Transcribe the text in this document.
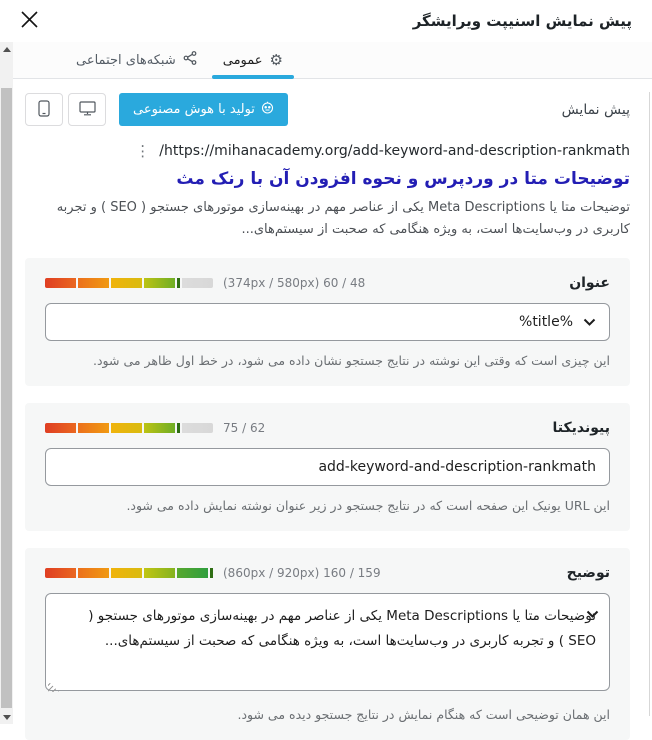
پیش نمایش اسنیپت ویرایشگر
شبکه‌های اجتماعی	⚙
عمومی
پیش نمایش
تولید با هوش مصنوعی
https://mihanacademy.org/add-keyword-and-description-rankmath/
⋮
توضیحات متا در وردپرس و نحوه افزودن آن با رنک مث
توضیحات متا یا Meta Descriptions یکی از عناصر مهم در بهینه‌سازی موتورهای جستجو ( SEO ) و تجربه کاربری در وب‌سایت‌ها است، به ویژه هنگامی که صحبت از سیستم‌های...
عنوان
(374px / 580px) 60 / 48
%title%
این چیزی است که وقتی این نوشته در نتایج جستجو نشان داده می شود، در خط اول ظاهر می شود.
پیوندیکتا
75 / 62
add-keyword-and-description-rankmath
این URL یونیک این صفحه است که در نتایج جستجو در زیر عنوان نوشته نمایش داده می شود.
توضیح
(860px / 920px) 160 / 159
توضیحات متا یا Meta Descriptions یکی از عناصر مهم در بهینه‌سازی موتورهای جستجو ( SEO ) و تجربه کاربری در وب‌سایت‌ها است، به ویژه هنگامی که صحبت از سیستم‌های...
این همان توضیحی است که هنگام نمایش در نتایج جستجو دیده می شود.
